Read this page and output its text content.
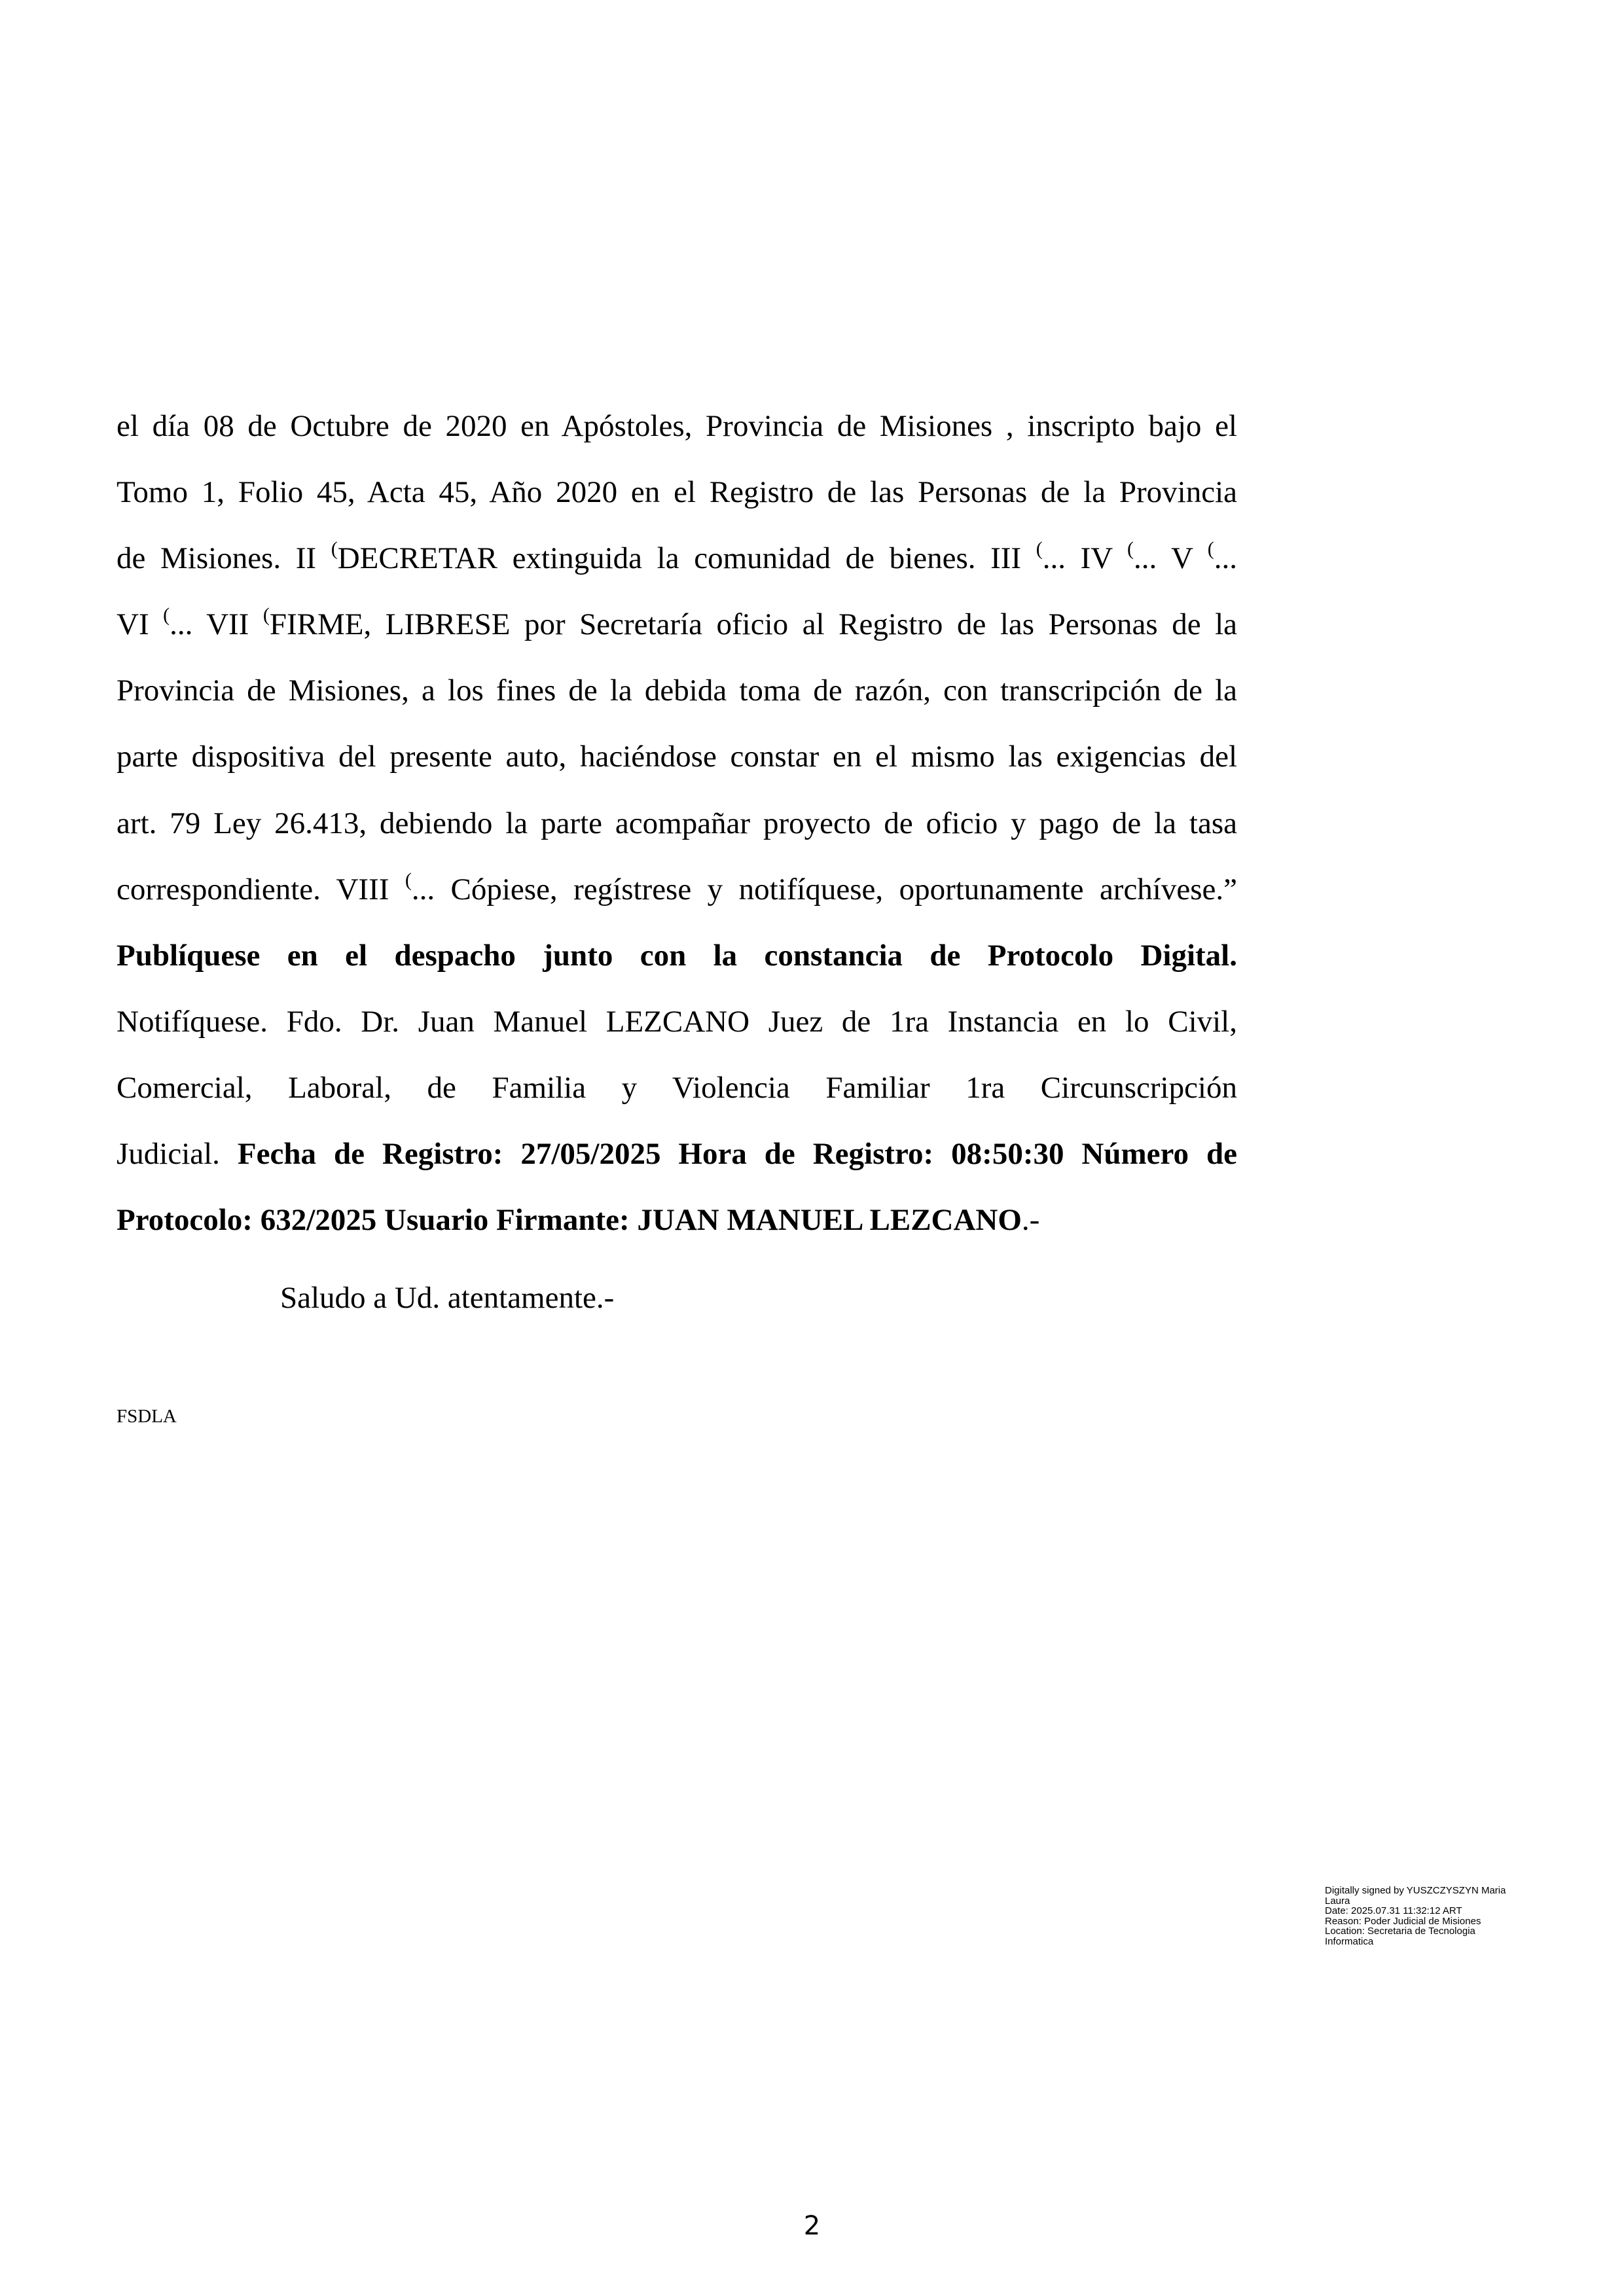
el día 08 de Octubre de 2020 en Apóstoles, Provincia de Misiones , inscripto bajo el
Tomo 1, Folio 45, Acta 45, Año 2020 en el Registro de las Personas de la Provincia
de Misiones. II (DECRETAR extinguida la comunidad de bienes. III (... IV (... V (...
VI (... VII (FIRME, LIBRESE por Secretaría oficio al Registro de las Personas de la
Provincia de Misiones, a los fines de la debida toma de razón, con transcripción de la
parte dispositiva del presente auto, haciéndose constar en el mismo las exigencias del
art. 79 Ley 26.413, debiendo la parte acompañar proyecto de oficio y pago de la tasa
correspondiente. VIII (... Cópiese, regístrese y notifíquese, oportunamente archívese.”
Publíquese en el despacho junto con la constancia de Protocolo Digital.
Notifíquese. Fdo. Dr. Juan Manuel LEZCANO Juez de 1ra Instancia en lo Civil,
Comercial, Laboral, de Familia y Violencia Familiar 1ra Circunscripción
Judicial. Fecha de Registro: 27/05/2025 Hora de Registro: 08:50:30 Número de
Protocolo: 632/2025 Usuario Firmante: JUAN MANUEL LEZCANO.-
Saludo a Ud. atentamente.-
FSDLA
Digitally signed by YUSZCZYSZYN Maria
Laura
Date: 2025.07.31 11:32:12 ART
Reason: Poder Judicial de Misiones
Location: Secretaria de Tecnologia
Informatica
2
